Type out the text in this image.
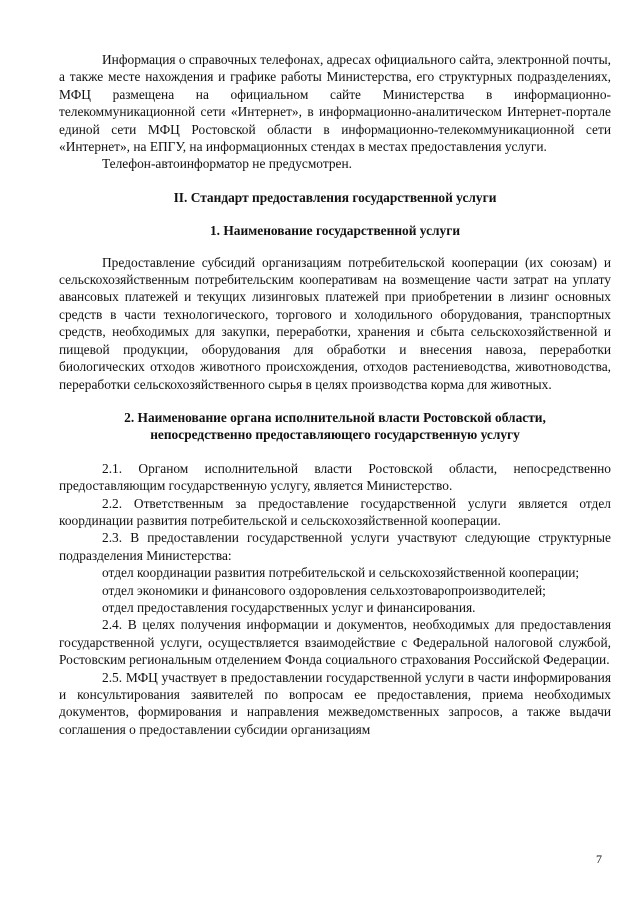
Информация о справочных телефонах, адресах официального сайта, электронной почты, а также месте нахождения и графике работы Министерства, его структурных подразделениях, МФЦ размещена на официальном сайте Министерства в информационно-телекоммуникационной сети «Интернет», в информационно-аналитическом Интернет-портале единой сети МФЦ Ростовской области в информационно-телекоммуникационной сети «Интернет», на ЕПГУ, на информационных стендах в местах предоставления услуги.

Телефон-автоинформатор не предусмотрен.

II. Стандарт предоставления государственной услуги
1. Наименование государственной услуги

Предоставление субсидий организациям потребительской кооперации (их союзам) и сельскохозяйственным потребительским кооперативам на возмещение части затрат на уплату авансовых платежей и текущих лизинговых платежей при приобретении в лизинг основных средств в части технологического, торгового и холодильного оборудования, транспортных средств, необходимых для закупки, переработки, хранения и сбыта сельскохозяйственной и пищевой продукции, оборудования для обработки и внесения навоза, переработки биологических отходов животного происхождения, отходов растениеводства, животноводства, переработки сельскохозяйственного сырья в целях производства корма для животных.

2. Наименование органа исполнительной власти Ростовской области,
непосредственно предоставляющего государственную услугу

2.1. Органом исполнительной власти Ростовской области, непосредственно предоставляющим государственную услугу, является Министерство.

2.2. Ответственным за предоставление государственной услуги является отдел координации развития потребительской и сельскохозяйственной кооперации.

2.3. В предоставлении государственной услуги участвуют следующие структурные подразделения Министерства:

отдел координации развития потребительской и сельскохозяйственной кооперации;

отдел экономики и финансового оздоровления сельхозтоваропроизводителей;

отдел предоставления государственных услуг и финансирования.

2.4. В целях получения информации и документов, необходимых для предоставления государственной услуги, осуществляется взаимодействие с Федеральной налоговой службой, Ростовским региональным отделением Фонда социального страхования Российской Федерации.

2.5. МФЦ участвует в предоставлении государственной услуги в части информирования и консультирования заявителей по вопросам ее предоставления, приема необходимых документов, формирования и направления межведомственных запросов, а также выдачи соглашения о предоставлении субсидии организациям

7
